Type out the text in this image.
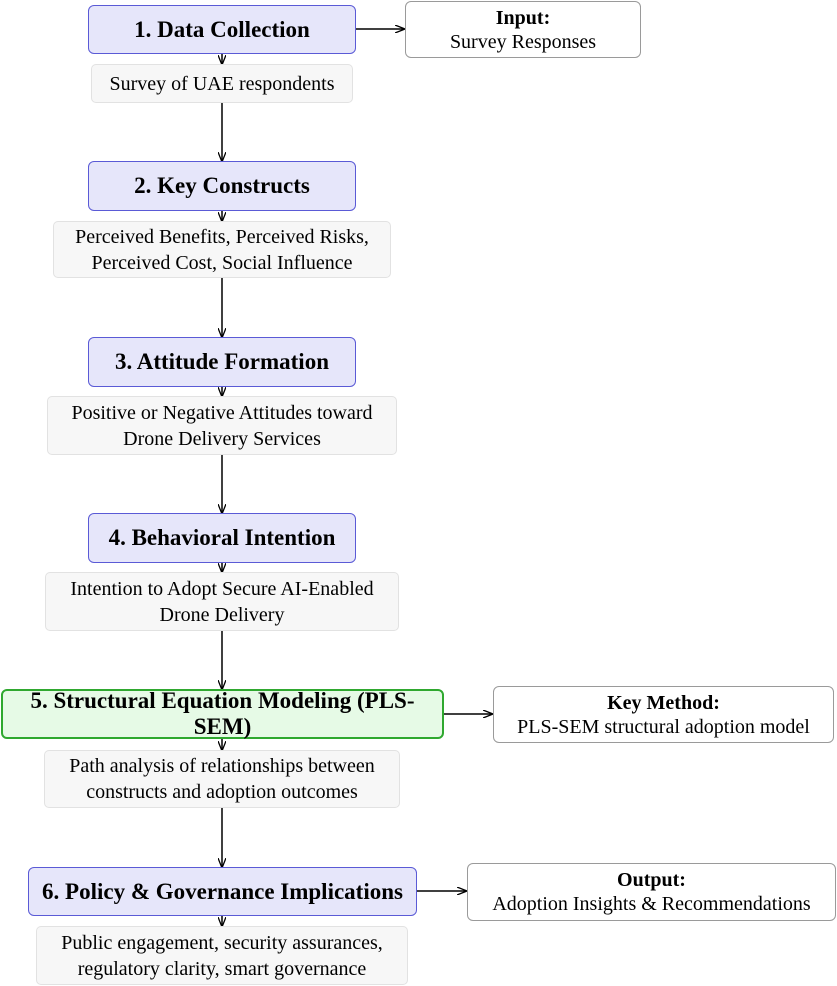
1. Data Collection
Survey of UAE respondents
2. Key Constructs
Perceived Benefits, Perceived Risks,
Perceived Cost, Social Influence
3. Attitude Formation
Positive or Negative Attitudes toward
Drone Delivery Services
4. Behavioral Intention
Intention to Adopt Secure AI-Enabled
Drone Delivery
5. Structural Equation Modeling (PLS-SEM)
Path analysis of relationships between
constructs and adoption outcomes
6. Policy & Governance Implications
Public engagement, security assurances,
regulatory clarity, smart governance
Input:
Survey Responses
Key Method:
PLS-SEM structural adoption model
Output:
Adoption Insights & Recommendations
